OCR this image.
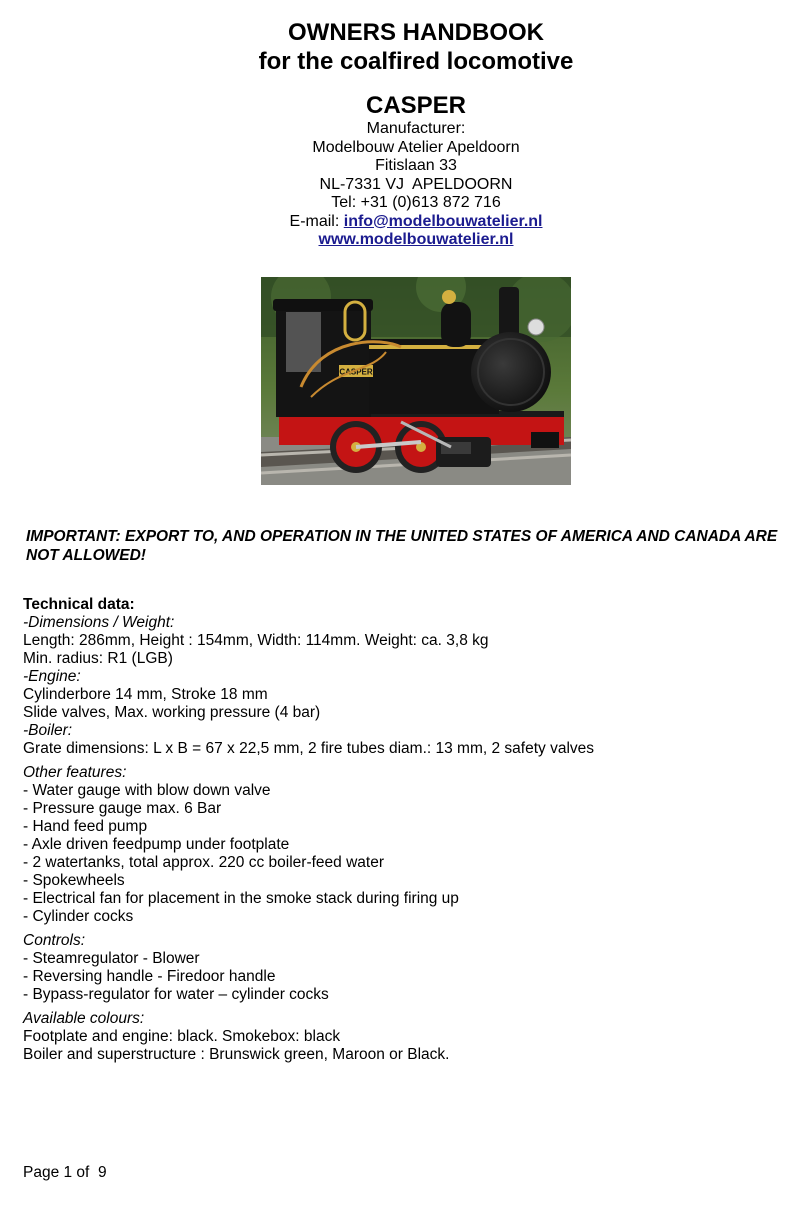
OWNERS HANDBOOK
for the coalfired locomotive
CASPER
Manufacturer:
Modelbouw Atelier Apeldoorn
Fitislaan 33
NL-7331 VJ  APELDOORN
Tel: +31 (0)613 872 716
E-mail: info@modelbouwatelier.nl
www.modelbouwatelier.nl
CASPER
IMPORTANT: EXPORT TO, AND OPERATION IN THE UNITED STATES OF AMERICA AND CANADA ARE NOT ALLOWED!
Technical data:
-Dimensions / Weight:
Length: 286mm, Height : 154mm, Width: 114mm. Weight: ca. 3,8 kg
Min. radius: R1 (LGB)
-Engine:
Cylinderbore 14 mm, Stroke 18 mm
Slide valves, Max. working pressure (4 bar)
-Boiler:
Grate dimensions: L x B = 67 x 22,5 mm, 2 fire tubes diam.: 13 mm, 2 safety valves
Other features:
- Water gauge with blow down valve
- Pressure gauge max. 6 Bar
- Hand feed pump
- Axle driven feedpump under footplate
- 2 watertanks, total approx. 220 cc boiler-feed water
- Spokewheels
- Electrical fan for placement in the smoke stack during firing up
- Cylinder cocks
Controls:
- Steamregulator - Blower
- Reversing handle - Firedoor handle
- Bypass-regulator for water – cylinder cocks
Available colours:
Footplate and engine: black. Smokebox: black
Boiler and superstructure : Brunswick green, Maroon or Black.
Page 1 of  9
